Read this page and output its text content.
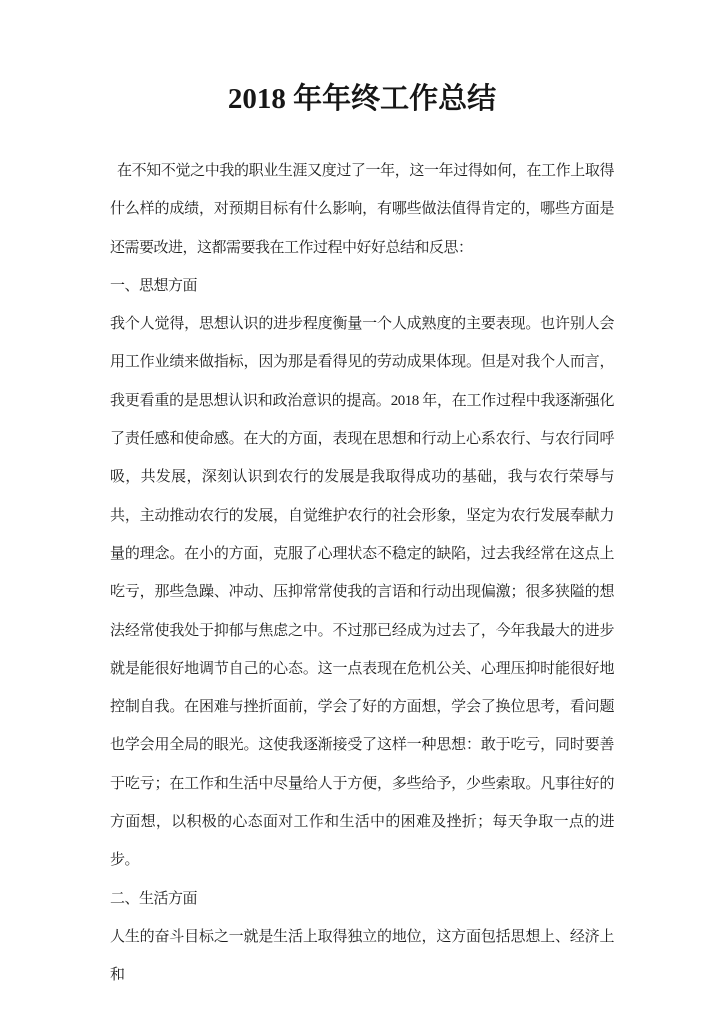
2018 年年终工作总结

在不知不觉之中我的职业生涯又度过了一年，这一年过得如何，在工作上取得什么样的成绩，对预期目标有什么影响，有哪些做法值得肯定的，哪些方面是还需要改进，这都需要我在工作过程中好好总结和反思：

一、思想方面

我个人觉得，思想认识的进步程度衡量一个人成熟度的主要表现。也许别人会用工作业绩来做指标，因为那是看得见的劳动成果体现。但是对我个人而言，我更看重的是思想认识和政治意识的提高。2018 年，在工作过程中我逐渐强化了责任感和使命感。在大的方面，表现在思想和行动上心系农行、与农行同呼吸，共发展，深刻认识到农行的发展是我取得成功的基础，我与农行荣辱与共，主动推动农行的发展，自觉维护农行的社会形象，坚定为农行发展奉献力量的理念。在小的方面，克服了心理状态不稳定的缺陷，过去我经常在这点上吃亏，那些急躁、冲动、压抑常常使我的言语和行动出现偏激；很多狭隘的想法经常使我处于抑郁与焦虑之中。不过那已经成为过去了，今年我最大的进步就是能很好地调节自己的心态。这一点表现在危机公关、心理压抑时能很好地控制自我。在困难与挫折面前，学会了好的方面想，学会了换位思考，看问题也学会用全局的眼光。这使我逐渐接受了这样一种思想：敢于吃亏，同时要善于吃亏；在工作和生活中尽量给人于方便，多些给予，少些索取。凡事往好的方面想，以积极的心态面对工作和生活中的困难及挫折；每天争取一点的进步。

二、生活方面

人生的奋斗目标之一就是生活上取得独立的地位，这方面包括思想上、经济上和
